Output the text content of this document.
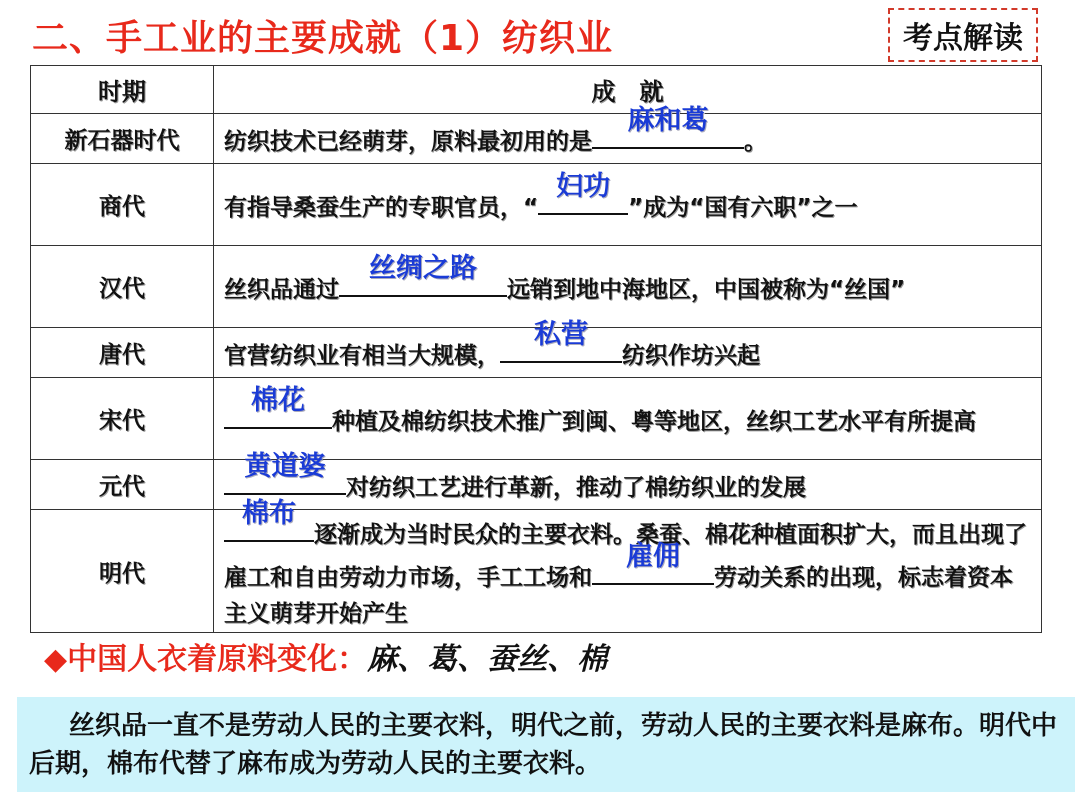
二、手工业的主要成就（1）纺织业	考点解读
时期	成　就
新石器时代	纺织技术已经萌芽，原料最初用的是
麻和葛
。
商代	有指导桑蚕生产的专职官员，“
妇功
”成为“国有六职”之一
汉代	丝织品通过
丝绸之路
远销到地中海地区，中国被称为“丝国”
唐代	官营纺织业有相当大规模，
私营
纺织作坊兴起
宋代	棉花
种植及棉纺织技术推广到闽、粤等地区，丝织工艺水平有所提高
元代	黄道婆
对纺织工艺进行革新，推动了棉纺织业的发展
明代	棉布
逐渐成为当时民众的主要衣料。桑蚕、棉花种植面积扩大，而且出现了雇工和自由劳动力市场，手工工场和
雇佣
劳动关系的出现，标志着资本主义萌芽开始产生
◆中国人衣着原料变化：麻、葛、蚕丝、棉
丝织品一直不是劳动人民的主要衣料，明代之前，劳动人民的主要衣料是麻布。明代中后期，棉布代替了麻布成为劳动人民的主要衣料。
